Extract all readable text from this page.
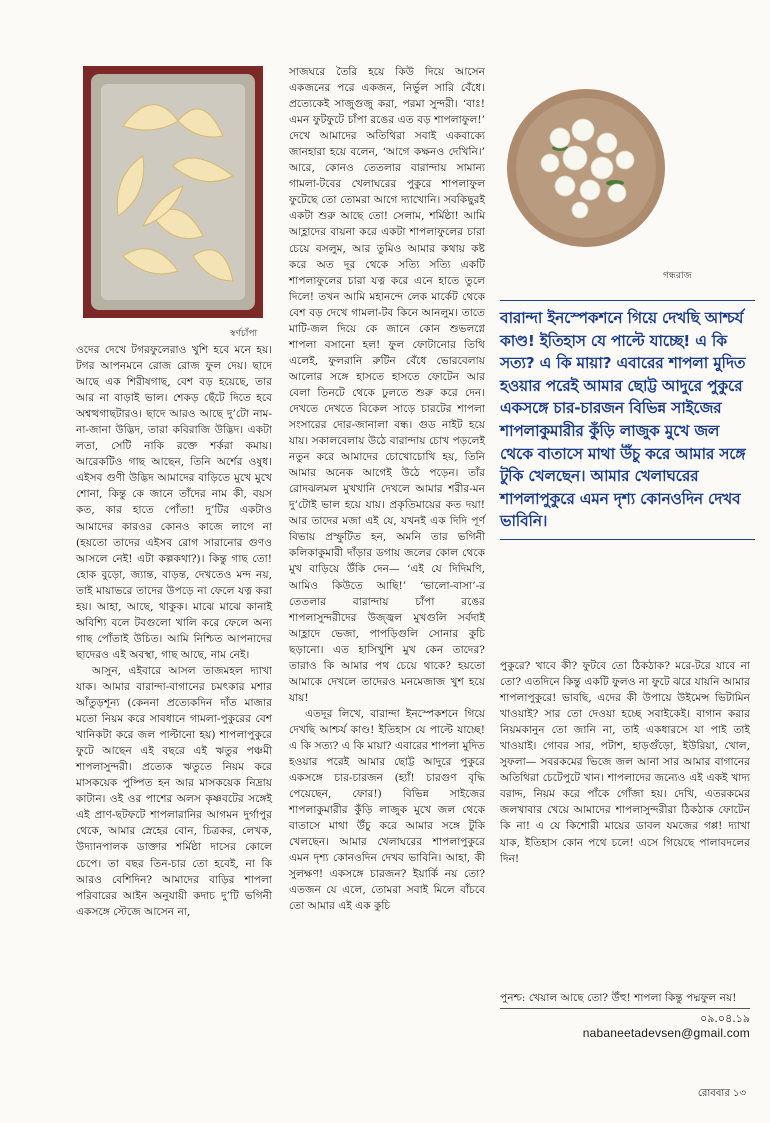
স্বর্ণচাঁপা
গন্ধরাজ

ওদের দেখে টগরফুলেরাও খুশি হবে মনে হয়। টগর আপনমনে রোজ রোজ ফুল দেয়। ছাদে আছে এক শিরীষগাছ, বেশ বড় হয়েছে, তার আর না বাড়াই ভাল। শেকড় ছেঁটে দিতে হবে অশ্বত্থগাছটারও। ছাদে আরও আছে দু’টো নাম-না-জানা উদ্ভিদ, তারা কবিরাজি উদ্ভিদ। একটা লতা, সেটি নাকি রক্তে শর্করা কমায়। আরেকটিও গাছ আছেন, তিনি অর্শের ওষুধ। এইসব গুণী উদ্ভিদ আমাদের বাড়িতে মুখে মুখে শোনা, কিন্তু কে জানে তাঁদের নাম কী, বয়স কত, কার হাতে পোঁতা! দু’টির একটাও আমাদের কারওর কোনও কাজে লাগে না (হয়তো তাদের এইসব রোগ সারানোর গুণও আসলে নেই! এটা কল্পকথা?)। কিন্তু গাছ তো! হোক বুড়ো, জ্যান্ত, বাড়ন্ত, দেখতেও মন্দ নয়, তাই মায়াভরে তাদের উপড়ে না ফেলে যত্ন করা হয়। আহা, আছে, থাকুক। মাঝে মাঝে কানাই অবিশ্যি বলে টবগুলো খালি করে ফেলে অন্য গাছ পোঁতাই উচিত। আমি নিশ্চিত আপনাদের ছাদেরও এই অবস্থা, গাছ আছে, নাম নেই।

আসুন, এইবারে আসল তাজমহল দ্যাখা যাক। আমার বারান্দা-বাগানের চমৎকার মশার আঁতুড়শূন্য (কেননা প্রত্যেকদিন দাঁত মাজার মতো নিয়ম করে সাবধানে গামলা-পুকুরের বেশ খানিকটা করে জল পাল্টানো হয়) শাপলাপুকুরে ফুটে আছেন এই বছরে এই ঋতুর পঞ্চমী শাপলাসুন্দরী। প্রত্যেক ঋতুতে নিয়ম করে মাসকয়েক পুষ্পিত হন আর মাসকয়েক নিদ্রায় কাটান। ওই ওর পাশের অলস কৃষ্ণবটের সঙ্গেই এই প্রাণ-ছটফটে শাপলারানির আগমন দুর্গাপুর থেকে, আমার স্নেহের বোন, চিত্রকর, লেখক, উদ্যানপালক ডাক্তার শর্মিষ্ঠা দাসের কোলে চেপে। তা বছর তিন-চার তো হবেই, না কি আরও বেশিদিন? আমাদের বাড়ির শাপলা পরিবারের আইন অনুযায়ী কদাচ দু’টি ভগিনী একসঙ্গে স্টেজে আসেন না,

সাজঘরে তৈরি হয়ে কিউ দিয়ে আসেন একজনের পরে একজন, নির্ভুল সারি বেঁধে। প্রত্যেকেই সাজুগুজু করা, পরমা সুন্দরী। ‘বাঃ! এমন ফুটফুটে চাঁপা রঙের এত বড় শাপলাফুল!’ দেখে আমাদের অতিথিরা সবাই একবাক্যে জানহারা হয়ে বলেন, ‘আগে কক্ষনও দেখিনি।’ আরে, কোনও তেতলার বারান্দায় সামান্য গামলা-টবের খেলাঘরের পুকুরে শাপলাফুল ফুটেছে তো তোমরা আগে দ্যাখোনি। সবকিছুরই একটা শুরু আছে তো! সেলাম, শর্মিষ্ঠা! আমি আহ্লাদের বায়না করে একটা শাপলাফুলের চারা চেয়ে বসলুম, আর তুমিও আমার কথায় কষ্ট করে অত দূর থেকে সত্যি সত্যি একটি শাপলাফুলের চারা যত্ন করে এনে হাতে তুলে দিলে! তখন আমি মহানন্দে লেক মার্কেট থেকে বেশ বড় দেখে গামলা-টব কিনে আনলুম। তাতে মাটি-জল দিয়ে কে জানে কোন শুভলগ্নে শাপলা বসানো হল! ফুল ফোটানোর তিথি এলেই, ফুলরানি রুটিন বেঁধে ভোরবেলায় আলোর সঙ্গে হাসতে হাসতে ফোটেন আর বেলা তিনটে থেকে ঢুলতে শুরু করে দেন। দেখতে দেখতে বিকেল সাড়ে চারটের শাপলা সংসারের দোর-জানালা বন্ধ। গুড নাইট হয়ে যায়। সকালবেলায় উঠে বারান্দায় চোখ পড়লেই নতুন করে আমাদের চোখোচোখি হয়, তিনি আমার অনেক আগেই উঠে পড়েন। তাঁর রোদঝলমল মুখখানি দেখলে আমার শরীর-মন দু’টোই ভাল হয়ে যায়। প্রকৃতিমায়ের কত দয়া! আর তাদের মজা এই যে, যখনই এক দিদি পূর্ণ বিভায় প্রস্ফুটিত হন, অমনি তার ভগিনী কলিকাকুমারী দাঁড়ার ডগায় জলের কোল থেকে মুখ বাড়িয়ে উঁকি দেন— ‘এই যে দিদিমণি, আমিও কিউতে আছি!’ ‘ভালো-বাসা’-র তেতলার বারান্দায় চাঁপা রঙের শাপলাসুন্দরীদের উজ্জ্বল মুখগুলি সর্বদাই আহ্লাদে ভেজা, পাপড়িগুলি সোনার কুচি ছড়ানো। এত হাসিখুশি মুখ কেন তাদের? তারাও কি আমার পথ চেয়ে থাকে? হয়তো আমাকে দেখলে তাদেরও মনমেজাজ খুশ হয়ে যায়!

এতদূর লিখে, বারান্দা ইনস্পেকশনে গিয়ে দেখছি আশ্চর্য কাণ্ড! ইতিহাস যে পাল্টে যাচ্ছে! এ কি সত্য? এ কি মায়া? এবারের শাপলা মুদিত হওয়ার পরেই আমার ছোট্ট আদুরে পুকুরে একসঙ্গে চার-চারজন (হ্যাঁ! চারগুণ বৃদ্ধি পেয়েছেন, ফোর!) বিভিন্ন সাইজের শাপলাকুমারীর কুঁড়ি লাজুক মুখে জল থেকে বাতাসে মাথা উঁচু করে আমার সঙ্গে টুকি খেলছেন। আমার খেলাঘরের শাপলাপুকুরে এমন দৃশ্য কোনওদিন দেখব ভাবিনি। আহা, কী সুলক্ষণ! একসঙ্গে চারজন? ইয়ার্কি নয় তো? এতজন যে এলে, তোমরা সবাই মিলে বাঁচবে তো আমার এই এক কুচি

বারান্দা ইনস্পেকশনে গিয়ে দেখছি আশ্চর্য কাণ্ড! ইতিহাস যে পাল্টে যাচ্ছে! এ কি সত্য? এ কি মায়া? এবারের শাপলা মুদিত হওয়ার পরেই আমার ছোট্ট আদুরে পুকুরে একসঙ্গে চার-চারজন বিভিন্ন সাইজের শাপলাকুমারীর কুঁড়ি লাজুক মুখে জল থেকে বাতাসে মাথা উঁচু করে আমার সঙ্গে টুকি খেলছেন। আমার খেলাঘরের শাপলাপুকুরে এমন দৃশ্য কোনওদিন দেখব ভাবিনি।

পুকুরে? খাবে কী? ফুটবে তো ঠিকঠাক? মরে-টরে যাবে না তো? এতদিনে কিন্তু একটি ফুলও না ফুটে ঝরে যায়নি আমার শাপলাপুকুরে! ভাবছি, এদের কী উপায়ে উইমেন্স ভিটামিন খাওয়াই? সার তো দেওয়া হচ্ছে সবাইকেই। বাগান করার নিয়মকানুন তো জানি না, তাই একধারসে যা পাই তাই খাওয়াই। গোবর সার, পটাশ, হাড়গুঁড়ো, ইউরিয়া, খোল, সুফলা— সবরকমের ভিজে জল আনা সার আমার বাগানের অতিথিরা চেটেপুটে খান। শাপলাদের জন্যেও এই একই খাদ্য বরাদ্দ, নিয়ম করে পাঁকে গোঁজা হয়। দেখি, এতরকমের জলখাবার খেয়ে আমাদের শাপলাসুন্দরীরা ঠিকঠাক ফোটেন কি না! এ যে কিশোরী মায়ের ডাবল যমজের গপ্প! দ্যাখা যাক, ইতিহাস কোন পথে চলে! এসে গিয়েছে পালাবদলের দিন!

পুনশ্চ: খেয়াল আছে তো? উঁহু! শাপলা কিন্তু পদ্মফুল নয়!
০৯.০৪.১৯
nabaneetadevsen@gmail.com
রোববার ১৩
